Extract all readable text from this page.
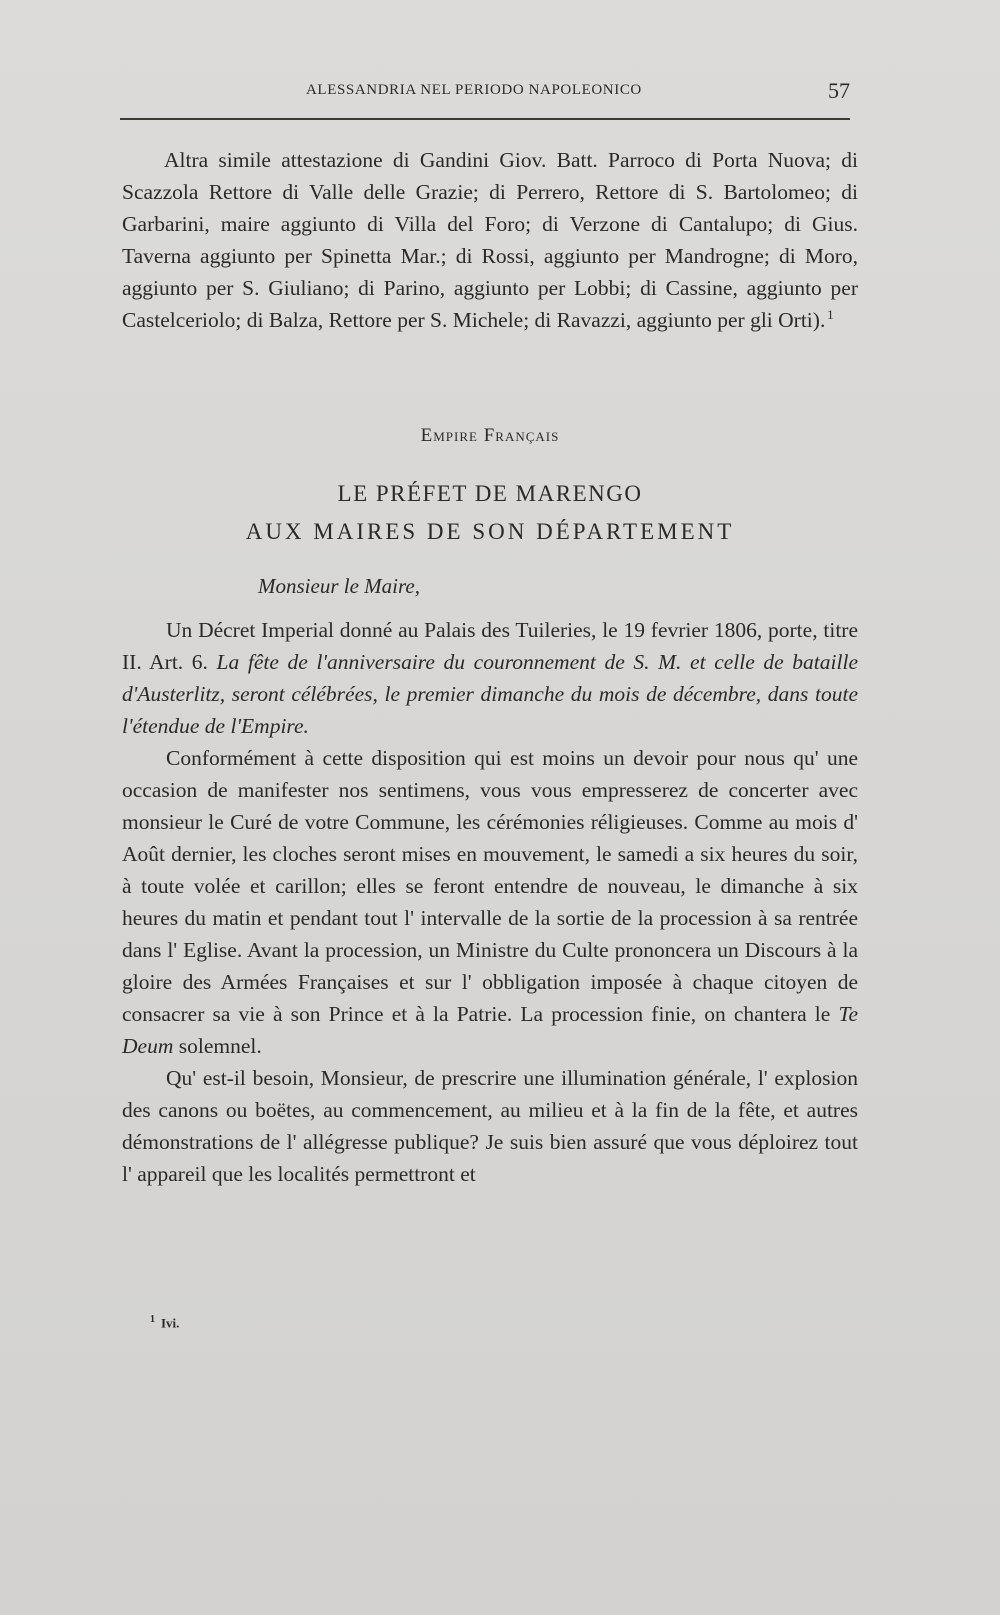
ALESSANDRIA NEL PERIODO NAPOLEONICO	57

Altra simile attestazione di Gandini Giov. Batt. Parroco di Porta Nuova; di Scazzola Rettore di Valle delle Grazie; di Perrero, Rettore di S. Bartolomeo; di Garbarini, maire aggiunto di Villa del Foro; di Verzone di Cantalupo; di Gius. Taverna aggiunto per Spinetta Mar.; di Rossi, aggiunto per Mandrogne; di Moro, aggiunto per S. Giuliano; di Parino, aggiunto per Lobbi; di Cassine, aggiunto per Castelceriolo; di Balza, Rettore per S. Michele; di Ravazzi, aggiunto per gli Orti).  $^1$

Empire Français

LE PRÉFET DE MARENGO

AUX MAIRES DE SON DÉPARTEMENT

Monsieur le Maire,

Un Décret Imperial donné au Palais des Tuileries, le 19 fevrier 1806, porte, titre II. Art. 6. La fête de l'anniversaire du couronnement de S. M. et celle de bataille d'Austerlitz, seront célébrées, le premier dimanche du mois de décembre, dans toute l'étendue de l'Empire.

Conformément à cette disposition qui est moins un devoir pour nous qu' une occasion de manifester nos sentimens, vous vous empresserez de concerter avec monsieur le Curé de votre Commune, les cérémonies réligieuses. Comme au mois d' Août dernier, les cloches seront mises en mouvement, le samedi a six heures du soir, à toute volée et carillon; elles se feront entendre de nouveau, le dimanche à six heures du matin et pendant tout l' intervalle de la sortie de la procession à sa rentrée dans l' Eglise. Avant la procession, un Ministre du Culte prononcera un Discours à la gloire des Armées Françaises et sur l' obbligation imposée à chaque citoyen de consacrer sa vie à son Prince et à la Patrie. La procession finie, on chantera le Te Deum solemnel.

Qu' est-il besoin, Monsieur, de prescrire une illumination générale, l' explosion des canons ou boëtes, au commencement, au milieu et à la fin de la fête, et autres démonstrations de l' allégresse publique? Je suis bien assuré que vous déploirez tout l' appareil que les localités permettront et

$^1$ Ivi.
